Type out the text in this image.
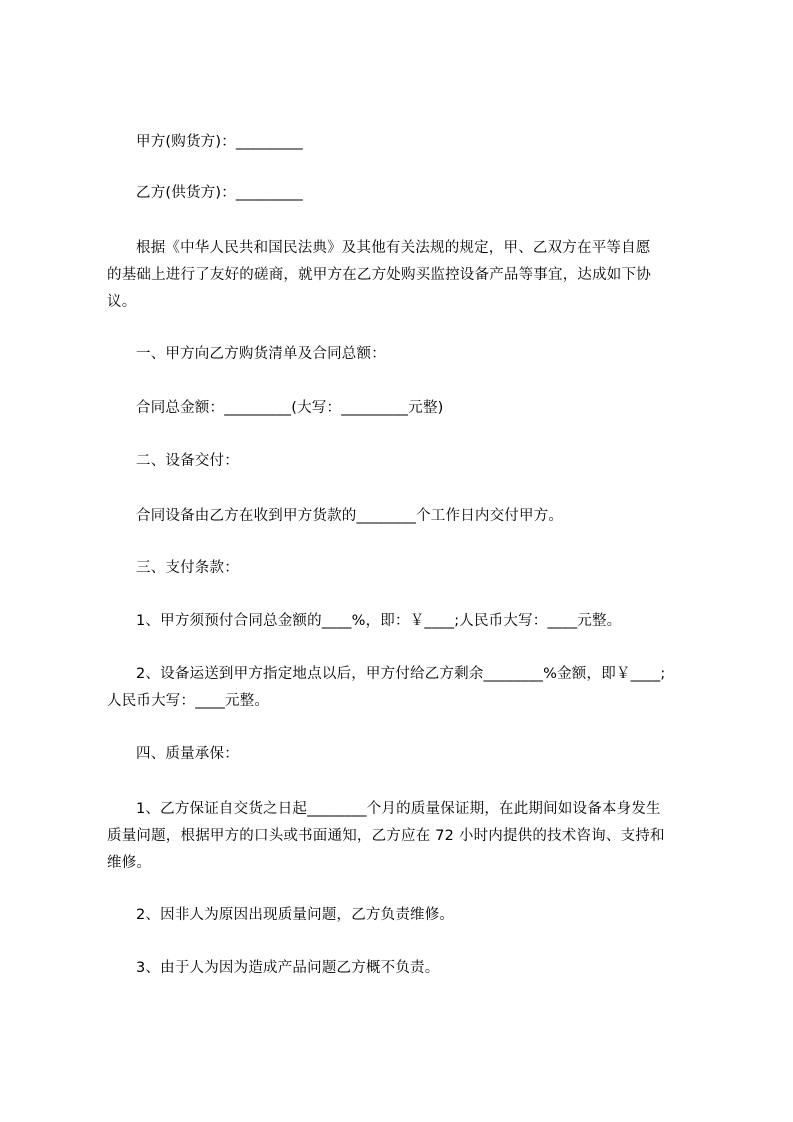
甲方(购货方)：_________
乙方(供货方)：_________
根据《中华人民共和国民法典》及其他有关法规的规定，甲、乙双方在平等自愿
的基础上进行了友好的磋商，就甲方在乙方处购买监控设备产品等事宜，达成如下协
议。
一、甲方向乙方购货清单及合同总额：
合同总金额：_________(大写：_________元整)
二、设备交付：
合同设备由乙方在收到甲方货款的________个工作日内交付甲方。
三、支付条款：
1、甲方须预付合同总金额的____%，即：￥____;人民币大写：____元整。
2、设备运送到甲方指定地点以后，甲方付给乙方剩余________%金额，即￥____;
人民币大写：____元整。
四、质量承保：
1、乙方保证自交货之日起________个月的质量保证期，在此期间如设备本身发生
质量问题，根据甲方的口头或书面通知，乙方应在 72 小时内提供的技术咨询、支持和
维修。
2、因非人为原因出现质量问题，乙方负责维修。
3、由于人为因为造成产品问题乙方概不负责。
